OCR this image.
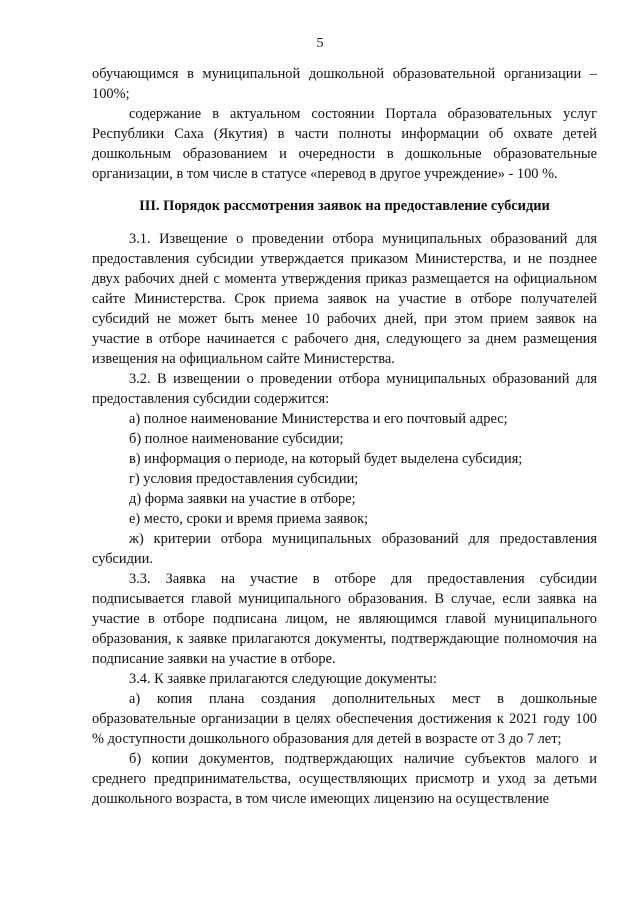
5

обучающимся в муниципальной дошкольной образовательной организации – 100%;

содержание в актуальном состоянии Портала образовательных услуг Республики Саха (Якутия) в части полноты информации об охвате детей дошкольным образованием и очередности в дошкольные образовательные организации, в том числе в статусе «перевод в другое учреждение» - 100 %.

III. Порядок рассмотрения заявок на предоставление субсидии

3.1. Извещение о проведении отбора муниципальных образований для предоставления субсидии утверждается приказом Министерства, и не позднее двух рабочих дней с момента утверждения приказ размещается на официальном сайте Министерства. Срок приема заявок на участие в отборе получателей субсидий не может быть менее 10 рабочих дней, при этом прием заявок на участие в отборе начинается с рабочего дня, следующего за днем размещения извещения на официальном сайте Министерства.

3.2. В извещении о проведении отбора муниципальных образований для предоставления субсидии содержится:

а) полное наименование Министерства и его почтовый адрес;

б) полное наименование субсидии;

в) информация о периоде, на который будет выделена субсидия;

г) условия предоставления субсидии;

д) форма заявки на участие в отборе;

е) место, сроки и время приема заявок;

ж) критерии отбора муниципальных образований для предоставления субсидии.

3.3. Заявка на участие в отборе для предоставления субсидии подписывается главой муниципального образования. В случае, если заявка на участие в отборе подписана лицом, не являющимся главой муниципального образования, к заявке прилагаются документы, подтверждающие полномочия на подписание заявки на участие в отборе.

3.4. К заявке прилагаются следующие документы:

а) копия плана создания дополнительных мест в дошкольные образовательные организации в целях обеспечения достижения к 2021 году 100 % доступности дошкольного образования для детей в возрасте от 3 до 7 лет;

б) копии документов, подтверждающих наличие субъектов малого и среднего предпринимательства, осуществляющих присмотр и уход за детьми дошкольного возраста, в том числе имеющих лицензию на осуществление
